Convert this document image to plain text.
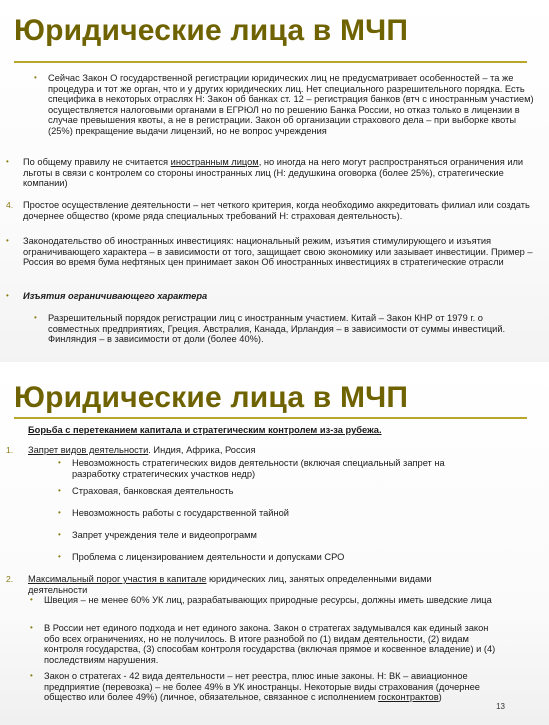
Юридические лица в МЧП
• Сейчас Закон О государственной регистрации юридических лиц не предусматривает особенностей – та же процедура и тот же орган, что и у других юридических лиц. Нет специального разрешительного порядка. Есть специфика в некоторых отраслях Н: Закон об банках ст. 12 – регистрация банков (втч с иностранным участием) осуществляется налоговыми органами в ЕГРЮЛ но по решению Банка России, но отказ только в лицензии в случае превышения квоты, а не в регистрации. Закон об организации страхового дела – при выборке квоты (25%) прекращение выдачи лицензий, но не вопрос учреждения
• По общему правилу не считается иностранным лицом, но иногда на него могут распространяться ограничения или льготы в связи с контролем со стороны иностранных лиц (Н: дедушкина оговорка (более 25%), стратегические компании)
4. Простое осуществление деятельности – нет четкого критерия, когда необходимо аккредитовать филиал или создать дочернее общество (кроме ряда специальных требований Н: страховая деятельность).
• Законодательство об иностранных инвестициях: национальный режим, изъятия стимулирующего и изъятия ограничивающего характера – в зависимости от того, защищает свою экономику или зазывает инвестиции. Пример – Россия во время бума нефтяных цен принимает закон Об иностранных инвестициях в стратегические отрасли
• Изъятия ограничивающего характера
• Разрешительный порядок регистрации лиц с иностранным участием. Китай – Закон КНР от 1979 г. о совместных предприятиях, Греция. Австралия, Канада, Ирландия – в зависимости от суммы инвестиций. Финляндия – в зависимости от доли (более 40%).
Юридические лица в МЧП
Борьба с перетеканием капитала и стратегическим контролем из-за рубежа.
1. Запрет видов деятельности. Индия, Африка, Россия
• Невозможность стратегических видов деятельности (включая специальный запрет на разработку стратегических участков недр)
• Страховая, банковская деятельность
• Невозможность работы с государственной тайной
• Запрет учреждения теле и видеопрограмм
• Проблема с лицензированием деятельности и допусками СРО
2. Максимальный порог участия в капитале юридических лиц, занятых определенными видами деятельности
• Швеция – не менее 60% УК лиц, разрабатывающих природные ресурсы, должны иметь шведские лица
• В России нет единого подхода и нет единого закона. Закон о стратегах задумывался как единый закон обо всех ограничениях, но не получилось. В итоге разнобой по (1) видам деятельности, (2) видам контроля государства, (3) способам контроля государства (включая прямое и косвенное владение) и (4) последствиям нарушения.
• Закон о стратегах - 42 вида деятельности – нет реестра, плюс иные законы. Н: ВК – авиационное предприятие (перевозка) – не более 49% в УК иностранцы. Некоторые виды страхования (дочернее общество или более 49%) (личное, обязательное, связанное с исполнением госконтрактов)
13
